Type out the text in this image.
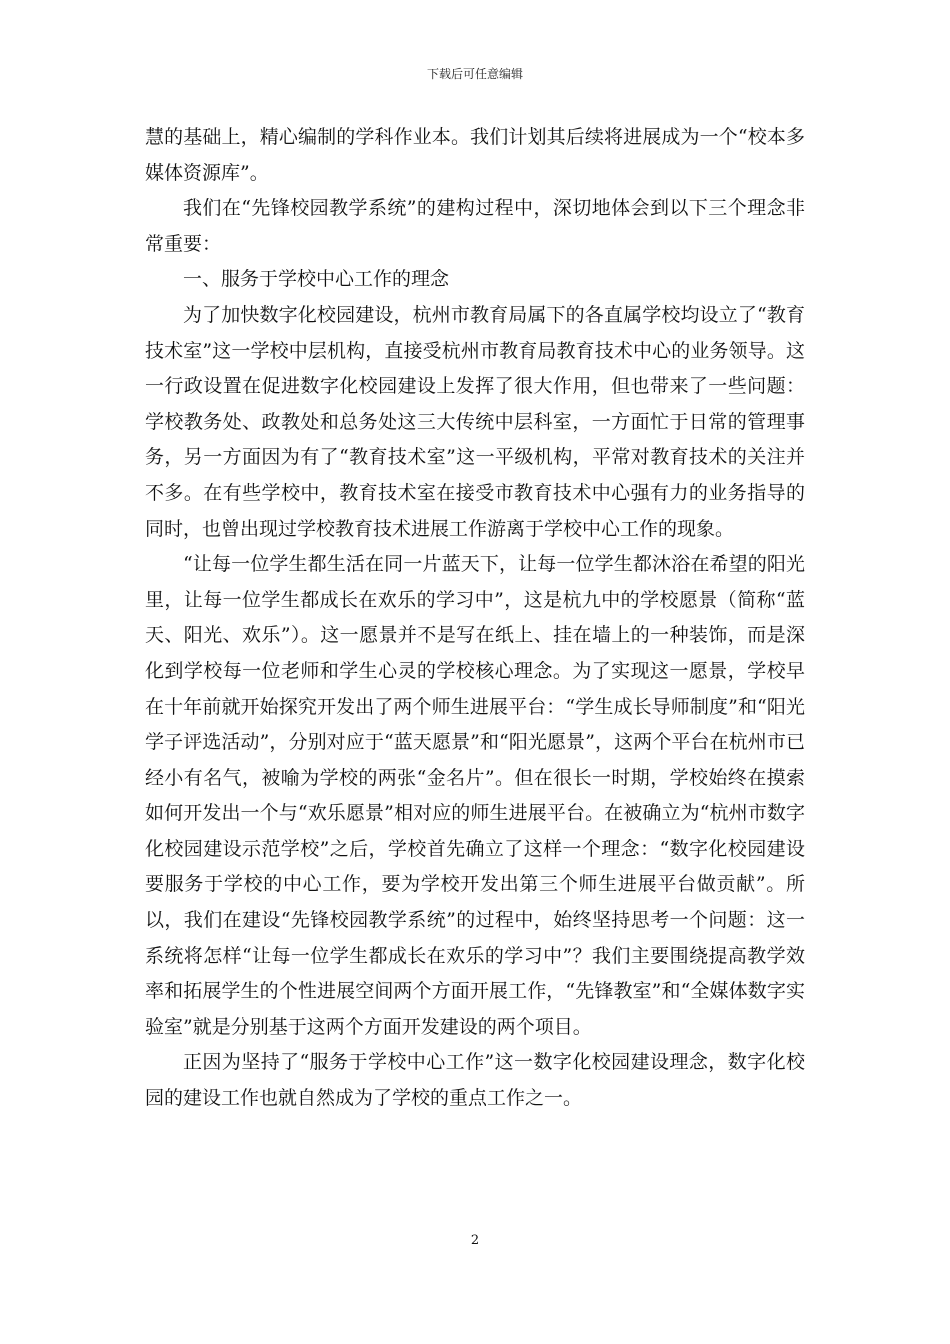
下载后可任意编辑

慧的基础上，精心编制的学科作业本。我们计划其后续将进展成为一个“校本多媒体资源库”。

我们在“先锋校园教学系统”的建构过程中，深切地体会到以下三个理念非常重要：

一、服务于学校中心工作的理念

为了加快数字化校园建设，杭州市教育局属下的各直属学校均设立了“教育技术室”这一学校中层机构，直接受杭州市教育局教育技术中心的业务领导。这一行政设置在促进数字化校园建设上发挥了很大作用，但也带来了一些问题：学校教务处、政教处和总务处这三大传统中层科室，一方面忙于日常的管理事务，另一方面因为有了“教育技术室”这一平级机构，平常对教育技术的关注并不多。在有些学校中，教育技术室在接受市教育技术中心强有力的业务指导的同时，也曾出现过学校教育技术进展工作游离于学校中心工作的现象。

“让每一位学生都生活在同一片蓝天下，让每一位学生都沐浴在希望的阳光里，让每一位学生都成长在欢乐的学习中”，这是杭九中的学校愿景（简称“蓝天、阳光、欢乐”）。这一愿景并不是写在纸上、挂在墙上的一种装饰，而是深化到学校每一位老师和学生心灵的学校核心理念。为了实现这一愿景，学校早在十年前就开始探究开发出了两个师生进展平台：“学生成长导师制度”和“阳光学子评选活动”，分别对应于“蓝天愿景”和“阳光愿景”，这两个平台在杭州市已经小有名气，被喻为学校的两张“金名片”。但在很长一时期，学校始终在摸索如何开发出一个与“欢乐愿景”相对应的师生进展平台。在被确立为“杭州市数字化校园建设示范学校”之后，学校首先确立了这样一个理念：“数字化校园建设要服务于学校的中心工作，要为学校开发出第三个师生进展平台做贡献”。所以，我们在建设“先锋校园教学系统”的过程中，始终坚持思考一个问题：这一系统将怎样“让每一位学生都成长在欢乐的学习中”？我们主要围绕提高教学效率和拓展学生的个性进展空间两个方面开展工作，“先锋教室”和“全媒体数字实验室”就是分别基于这两个方面开发建设的两个项目。

正因为坚持了“服务于学校中心工作”这一数字化校园建设理念，数字化校园的建设工作也就自然成为了学校的重点工作之一。

2
